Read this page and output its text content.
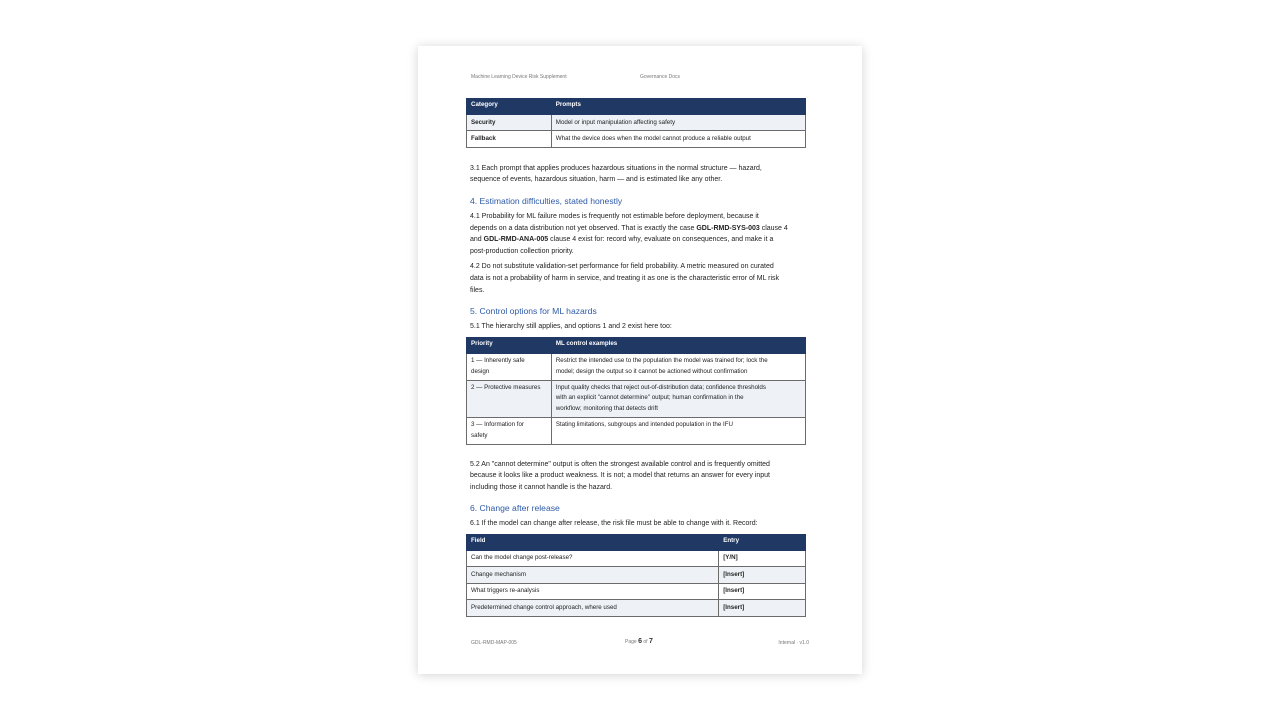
Machine Learning Device Risk Supplement	Governance Docs
Category	Prompts
Security	Model or input manipulation affecting safety
Fallback	What the device does when the model cannot produce a reliable output

3.1 Each prompt that applies produces hazardous situations in the normal structure — hazard,
sequence of events, hazardous situation, harm — and is estimated like any other.

4. Estimation difficulties, stated honestly

4.1 Probability for ML failure modes is frequently not estimable before deployment, because it
depends on a data distribution not yet observed. That is exactly the case GDL-RMD-SYS-003 clause 4
and GDL-RMD-ANA-005 clause 4 exist for: record why, evaluate on consequences, and make it a
post-production collection priority.

4.2 Do not substitute validation-set performance for field probability. A metric measured on curated
data is not a probability of harm in service, and treating it as one is the characteristic error of ML risk
files.

5. Control options for ML hazards

5.1 The hierarchy still applies, and options 1 and 2 exist here too:

Priority	ML control examples
1 — Inherently safe
design	Restrict the intended use to the population the model was trained for; lock the
model; design the output so it cannot be actioned without confirmation
2 — Protective measures	Input quality checks that reject out-of-distribution data; confidence thresholds
with an explicit "cannot determine" output; human confirmation in the
workflow; monitoring that detects drift
3 — Information for
safety	Stating limitations, subgroups and intended population in the IFU

5.2 An "cannot determine" output is often the strongest available control and is frequently omitted
because it looks like a product weakness. It is not; a model that returns an answer for every input
including those it cannot handle is the hazard.

6. Change after release

6.1 If the model can change after release, the risk file must be able to change with it. Record:

Field	Entry
Can the model change post-release?	[Y/N]
Change mechanism	[Insert]
What triggers re-analysis	[Insert]
Predetermined change control approach, where used	[Insert]
GDL-RMD-MAP-005	Page 6 of 7	Internal · v1.0
